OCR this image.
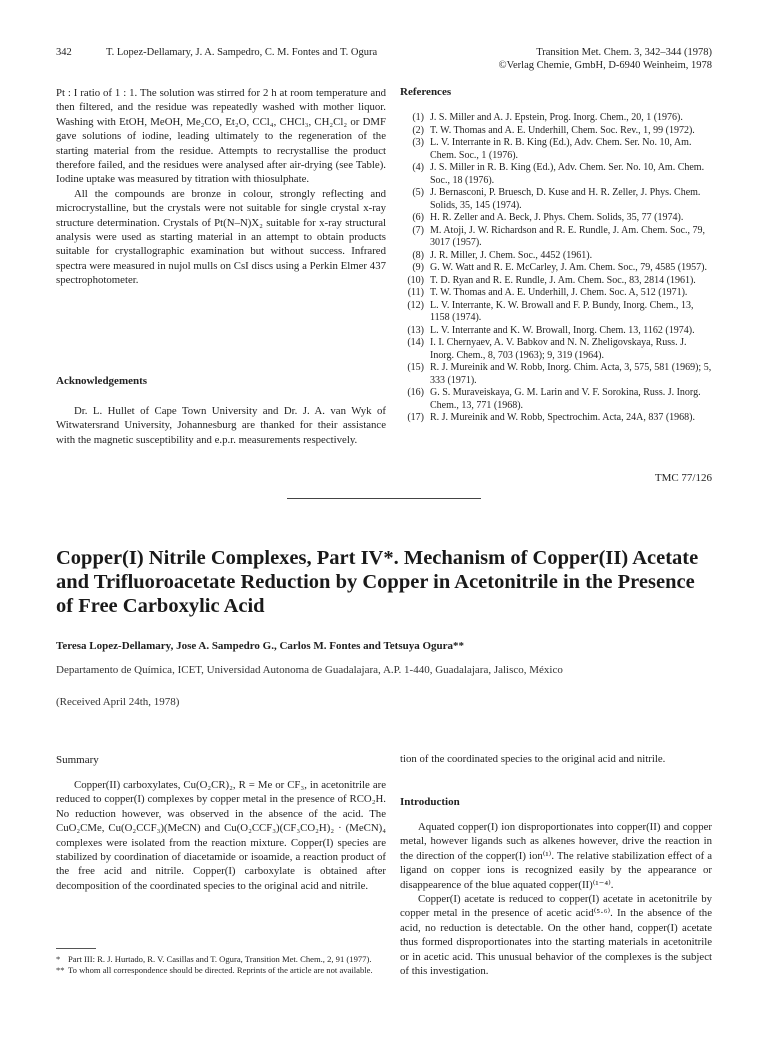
342	T. Lopez-Dellamary, J. A. Sampedro, C. M. Fontes and T. Ogura	Transition Met. Chem. 3, 342–344 (1978)
©Verlag Chemie, GmbH, D-6940 Weinheim, 1978

Pt : I ratio of 1 : 1. The solution was stirred for 2 h at room temperature and then filtered, and the residue was repeatedly washed with mother liquor. Washing with EtOH, MeOH, Me₂CO, Et₂O, CCl₄, CHCl₃, CH₂Cl₂ or DMF gave solutions of iodine, leading ultimately to the regeneration of the starting material from the residue. Attempts to recrystallise the product therefore failed, and the residues were analysed after air-drying (see Table). Iodine uptake was measured by titration with thiosulphate.

All the compounds are bronze in colour, strongly reflecting and microcrystalline, but the crystals were not suitable for single crystal x-ray structure determination. Crystals of Pt(N–N)X₂ suitable for x-ray structural analysis were used as starting material in an attempt to obtain products suitable for crystallographic examination but without success. Infrared spectra were measured in nujol mulls on CsI discs using a Perkin Elmer 437 spectrophotometer.

Acknowledgements
Dr. L. Hullet of Cape Town University and Dr. J. A. van Wyk of Witwatersrand University, Johannesburg are thanked for their assistance with the magnetic susceptibility and e.p.r. measurements respectively.
References
(1) J. S. Miller and A. J. Epstein, Prog. Inorg. Chem., 20, 1 (1976).
(2) T. W. Thomas and A. E. Underhill, Chem. Soc. Rev., 1, 99 (1972).
(3) L. V. Interrante in R. B. King (Ed.), Adv. Chem. Ser. No. 10, Am. Chem. Soc., 1 (1976).
(4) J. S. Miller in R. B. King (Ed.), Adv. Chem. Ser. No. 10, Am. Chem. Soc., 18 (1976).
(5) J. Bernasconi, P. Bruesch, D. Kuse and H. R. Zeller, J. Phys. Chem. Solids, 35, 145 (1974).
(6) H. R. Zeller and A. Beck, J. Phys. Chem. Solids, 35, 77 (1974).
(7) M. Atoji, J. W. Richardson and R. E. Rundle, J. Am. Chem. Soc., 79, 3017 (1957).
(8) J. R. Miller, J. Chem. Soc., 4452 (1961).
(9) G. W. Watt and R. E. McCarley, J. Am. Chem. Soc., 79, 4585 (1957).
(10) T. D. Ryan and R. E. Rundle, J. Am. Chem. Soc., 83, 2814 (1961).
(11) T. W. Thomas and A. E. Underhill, J. Chem. Soc. A, 512 (1971).
(12) L. V. Interrante, K. W. Browall and F. P. Bundy, Inorg. Chem., 13, 1158 (1974).
(13) L. V. Interrante and K. W. Browall, Inorg. Chem. 13, 1162 (1974).
(14) I. I. Chernyaev, A. V. Babkov and N. N. Zheligovskaya, Russ. J. Inorg. Chem., 8, 703 (1963); 9, 319 (1964).
(15) R. J. Mureinik and W. Robb, Inorg. Chim. Acta, 3, 575, 581 (1969); 5, 333 (1971).
(16) G. S. Muraveiskaya, G. M. Larin and V. F. Sorokina, Russ. J. Inorg. Chem., 13, 771 (1968).
(17) R. J. Mureinik and W. Robb, Spectrochim. Acta, 24A, 837 (1968).
TMC 77/126
Copper(I) Nitrile Complexes, Part IV*. Mechanism of Copper(II) Acetate and Trifluoroacetate Reduction by Copper in Acetonitrile in the Presence of Free Carboxylic Acid
Teresa Lopez-Dellamary, Jose A. Sampedro G., Carlos M. Fontes and Tetsuya Ogura**
Departamento de Química, ICET, Universidad Autonoma de Guadalajara, A.P. 1-440, Guadalajara, Jalisco, México
(Received April 24th, 1978)
Summary
Copper(II) carboxylates, Cu(O₂CR)₂, R = Me or CF₃, in acetonitrile are reduced to copper(I) complexes by copper metal in the presence of RCO₂H. No reduction however, was observed in the absence of the acid. The CuO₂CMe, Cu(O₂CCF₃)(MeCN) and Cu(O₂CCF₃)(CF₃CO₂H)₂ · (MeCN)₄ complexes were isolated from the reaction mixture. Copper(I) species are stabilized by coordination of diacetamide or isoamide, a reaction product of the free acid and nitrile. Copper(I) carboxylate is obtained after decomposition of the coordinated species to the original acid and nitrile.
tion of the coordinated species to the original acid and nitrile.
Introduction

Aquated copper(I) ion disproportionates into copper(II) and copper metal, however ligands such as alkenes however, drive the reaction in the direction of the copper(I) ion⁽¹⁾. The relative stabilization effect of a ligand on copper ions is recognized easily by the appearance or disappearence of the blue aquated copper(II)⁽¹⁻⁴⁾.

Copper(I) acetate is reduced to copper(I) acetate in acetonitrile by copper metal in the presence of acetic acid⁽⁵·⁶⁾. In the absence of the acid, no reduction is detectable. On the other hand, copper(I) acetate thus formed disproportionates into the starting materials in acetonitrile or in acetic acid. This unusual behavior of the complexes is the subject of this investigation.

* Part III: R. J. Hurtado, R. V. Casillas and T. Ogura, Transition Met. Chem., 2, 91 (1977).
** To whom all correspondence should be directed. Reprints of the article are not available.
